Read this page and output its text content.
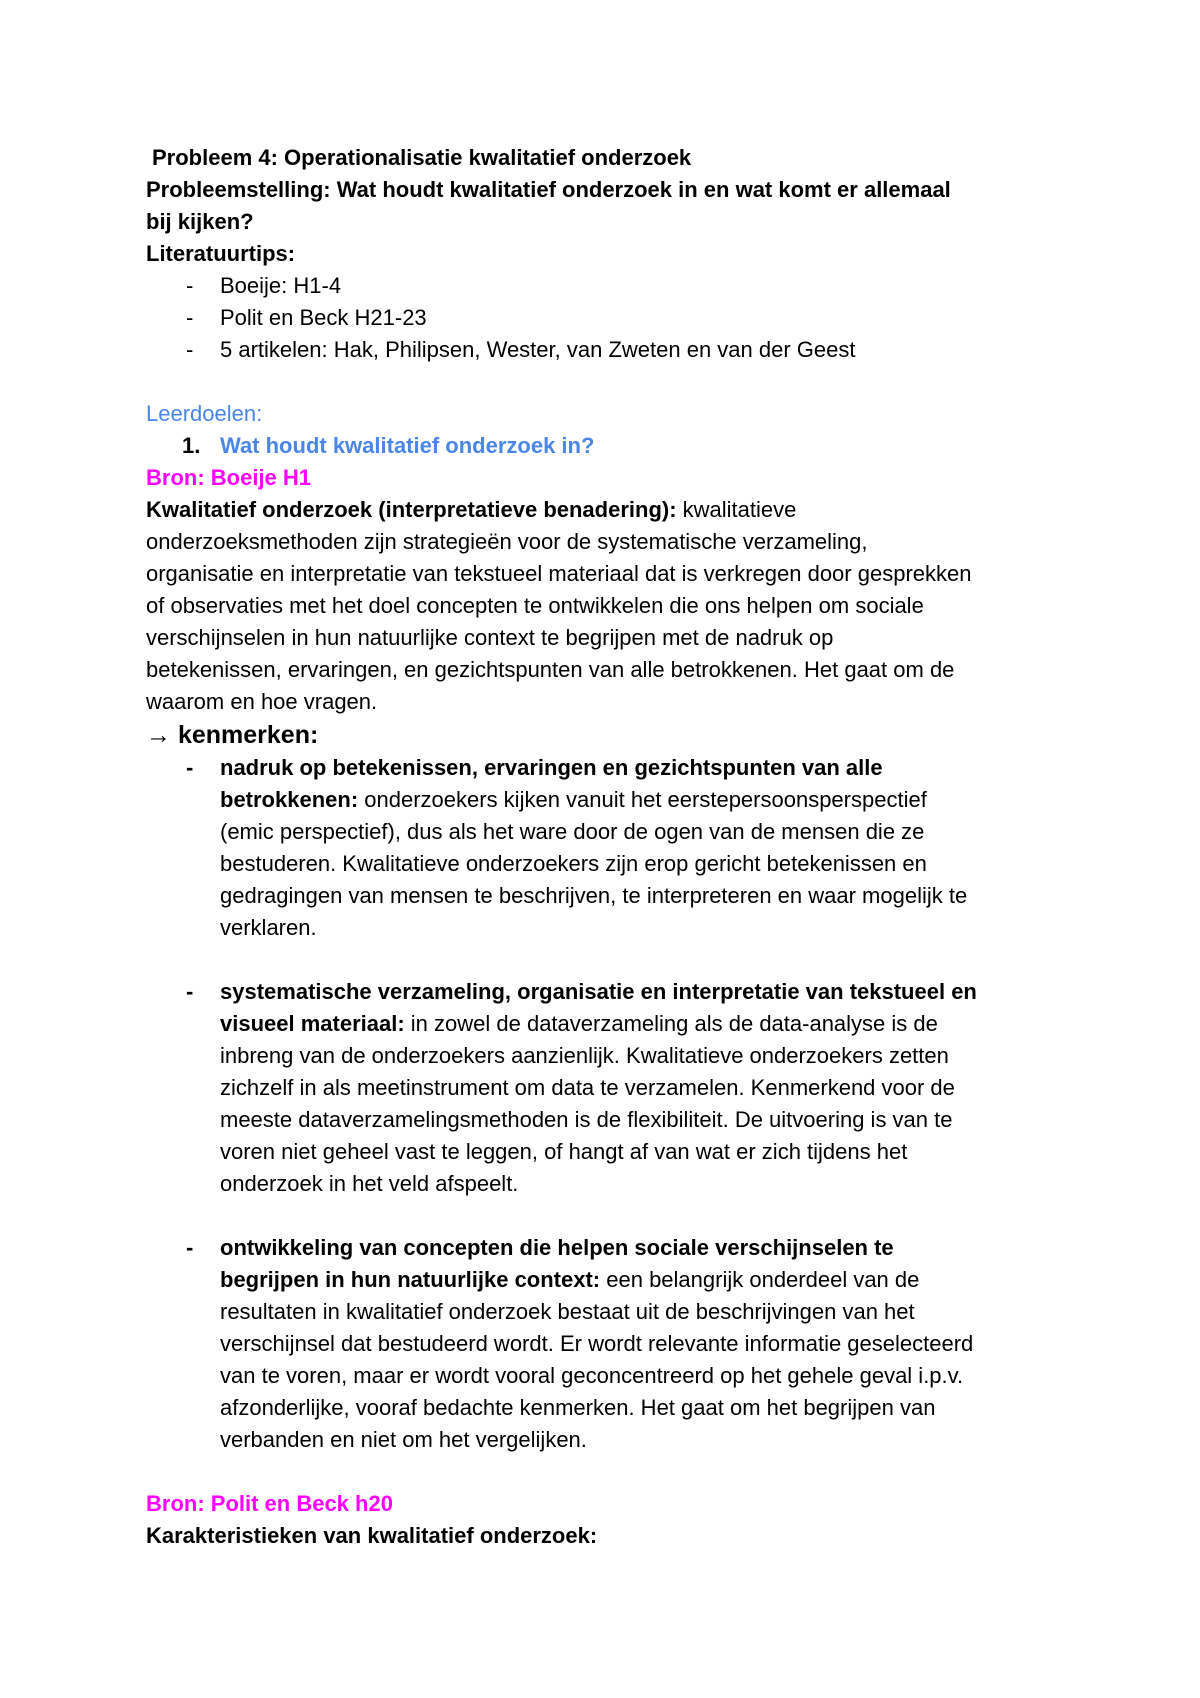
Probleem 4: Operationalisatie kwalitatief onderzoek

Probleemstelling: Wat houdt kwalitatief onderzoek in en wat komt er allemaal

bij kijken?

Literatuurtips:

- Boeije: H1-4
- Polit en Beck H21-23
- 5 artikelen: Hak, Philipsen, Wester, van Zweten en van der Geest

Leerdoelen:

1. Wat houdt kwalitatief onderzoek in?

Bron: Boeije H1

Kwalitatief onderzoek (interpretatieve benadering): kwalitatieve

onderzoeksmethoden zijn strategieën voor de systematische verzameling,

organisatie en interpretatie van tekstueel materiaal dat is verkregen door gesprekken

of observaties met het doel concepten te ontwikkelen die ons helpen om sociale

verschijnselen in hun natuurlijke context te begrijpen met de nadruk op

betekenissen, ervaringen, en gezichtspunten van alle betrokkenen. Het gaat om de

waarom en hoe vragen.

→ kenmerken:

- nadruk op betekenissen, ervaringen en gezichtspunten van alle

betrokkenen: onderzoekers kijken vanuit het eerstepersoonsperspectief

(emic perspectief), dus als het ware door de ogen van de mensen die ze

bestuderen. Kwalitatieve onderzoekers zijn erop gericht betekenissen en

gedragingen van mensen te beschrijven, te interpreteren en waar mogelijk te

verklaren.

- systematische verzameling, organisatie en interpretatie van tekstueel en

visueel materiaal: in zowel de dataverzameling als de data-analyse is de

inbreng van de onderzoekers aanzienlijk. Kwalitatieve onderzoekers zetten

zichzelf in als meetinstrument om data te verzamelen. Kenmerkend voor de

meeste dataverzamelingsmethoden is de flexibiliteit. De uitvoering is van te

voren niet geheel vast te leggen, of hangt af van wat er zich tijdens het

onderzoek in het veld afspeelt.

- ontwikkeling van concepten die helpen sociale verschijnselen te

begrijpen in hun natuurlijke context: een belangrijk onderdeel van de

resultaten in kwalitatief onderzoek bestaat uit de beschrijvingen van het

verschijnsel dat bestudeerd wordt. Er wordt relevante informatie geselecteerd

van te voren, maar er wordt vooral geconcentreerd op het gehele geval i.p.v.

afzonderlijke, vooraf bedachte kenmerken. Het gaat om het begrijpen van

verbanden en niet om het vergelijken.

Bron: Polit en Beck h20

Karakteristieken van kwalitatief onderzoek:
